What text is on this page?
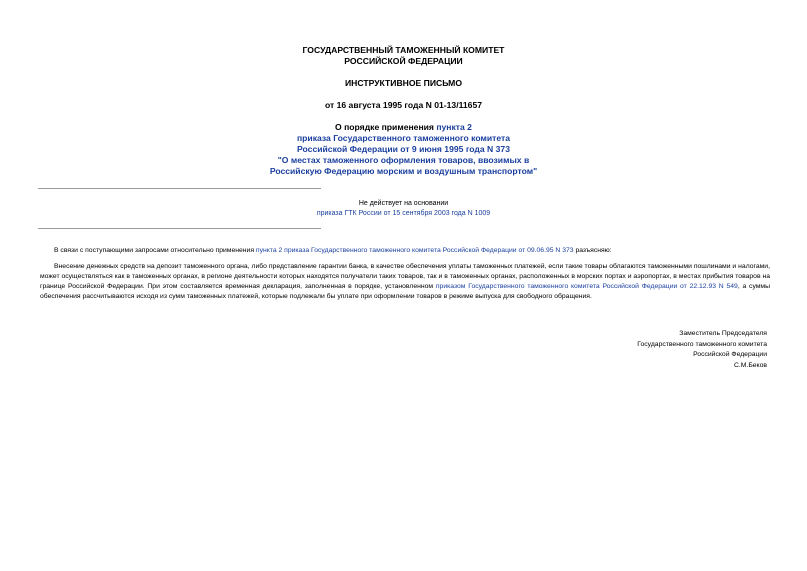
ГОСУДАРСТВЕННЫЙ ТАМОЖЕННЫЙ КОМИТЕТ
РОССИЙСКОЙ ФЕДЕРАЦИИ
ИНСТРУКТИВНОЕ ПИСЬМО
от 16 августа 1995 года N 01-13/11657
О порядке применения пункта 2
приказа Государственного таможенного комитета
Российской Федерации от 9 июня 1995 года N 373
"О местах таможенного оформления товаров, ввозимых в
Российскую Федерацию морским и воздушным транспортом"
Не действует на основании
приказа ГТК России от 15 сентября 2003 года N 1009

В связи с поступающими запросами относительно применения пункта 2 приказа Государственного таможенного комитета Российской Федерации от 09.06.95 N 373 разъясняю:

Внесение денежных средств на депозит таможенного органа, либо представление гарантии банка, в качестве обеспечения уплаты таможенных платежей, если такие товары облагаются таможенными пошлинами и налогами, может осуществляться как в таможенных органах, в регионе деятельности которых находятся получатели таких товаров, так и в таможенных органах, расположенных в морских портах и аэропортах, в местах прибытия товаров на границе Российской Федерации. При этом составляется временная декларация, заполненная в порядке, установленном приказом Государственного таможенного комитета Российской Федерации от 22.12.93 N 549, а суммы обеспечения рассчитываются исходя из сумм таможенных платежей, которые подлежали бы уплате при оформлении товаров в режиме выпуска для свободного обращения.

Заместитель Председателя
Государственного таможенного комитета
Российской Федерации
С.М.Беков
